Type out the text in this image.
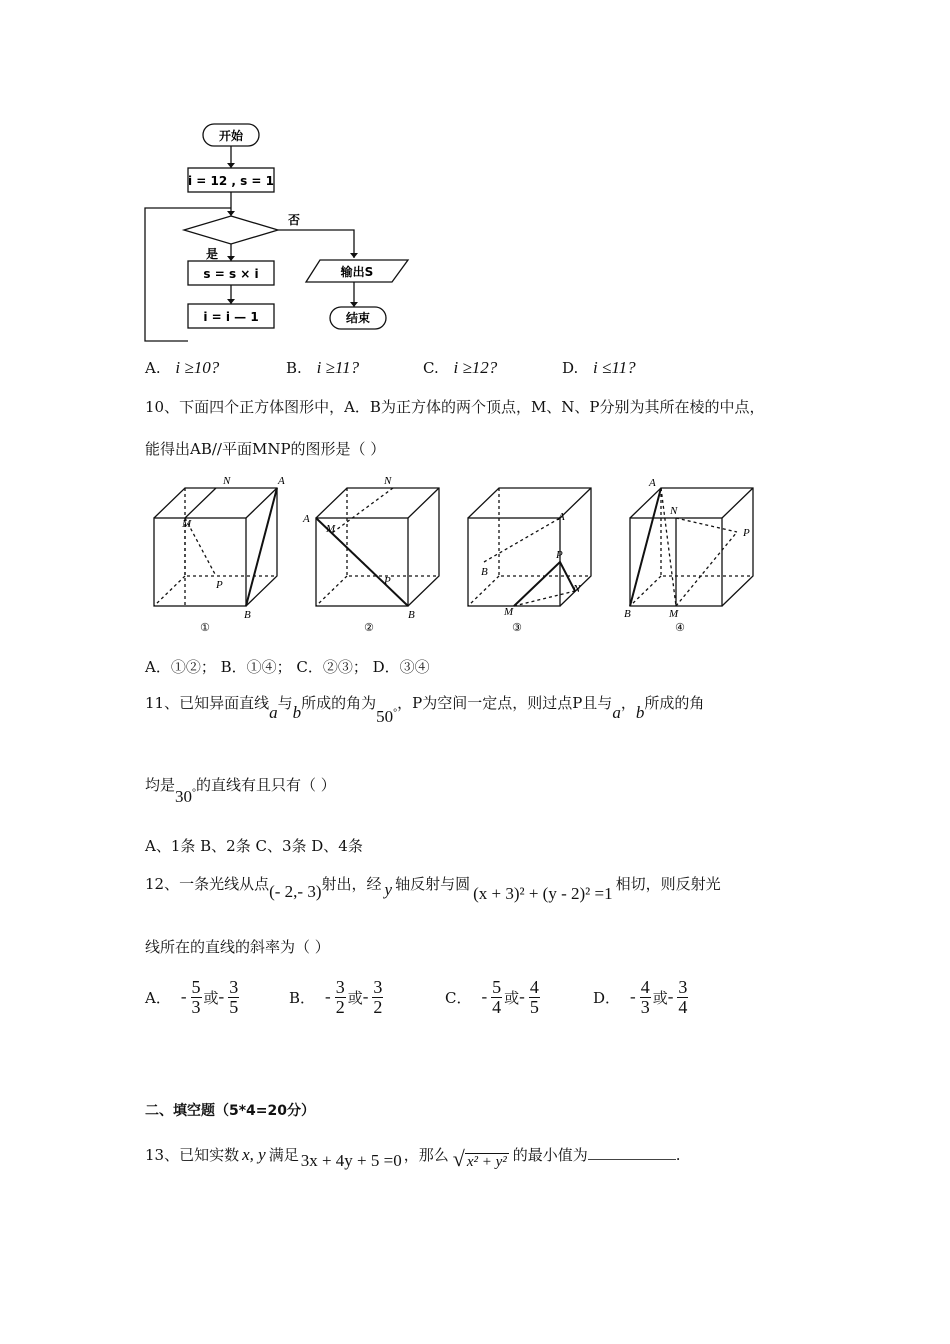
开始
i = 12 , s = 1
否
是
s = s × i
i = i — 1
输出S
结束
A. i ≥10?	B. i ≥11?	C. i ≥12?	D. i ≤11?
10、下面四个正方体图形中，A．B为正方体的两个顶点，M、N、P分别为其所在棱的中点，
能得出AB//平面MNP的图形是（ ）
N	A
M
P
B
N
A
M
P
B
A
P
N
B
M
A
N
P
B	M
①	②	③	④
A．①②； B．①④； C．②③； D．③④
11、已知异面直线a与b所成的角为50°，P为空间一定点，则过点P且与a，b所成的角
均是30°的直线有且只有（ ）
A、1条 B、2条 C、3条 D、4条
12、一条光线从点(- 2,- 3)射出，经 y 轴反射与圆 (x + 3)² + (y - 2)² =1 相切，则反射光
线所在的直线的斜率为（ ）
A． - $\frac{5}{3}$ 或 - $\frac{3}{5}$	B． - $\frac{3}{2}$ 或 - $\frac{3}{2}$	C． - $\frac{5}{4}$ 或 - $\frac{4}{5}$	D． - $\frac{4}{3}$ 或 - $\frac{3}{4}$
二、填空题（5*4=20分）
13、已知实数 x, y 满足 3x + 4y + 5 =0 ，那么 √ x² + y² 的最小值为	.
